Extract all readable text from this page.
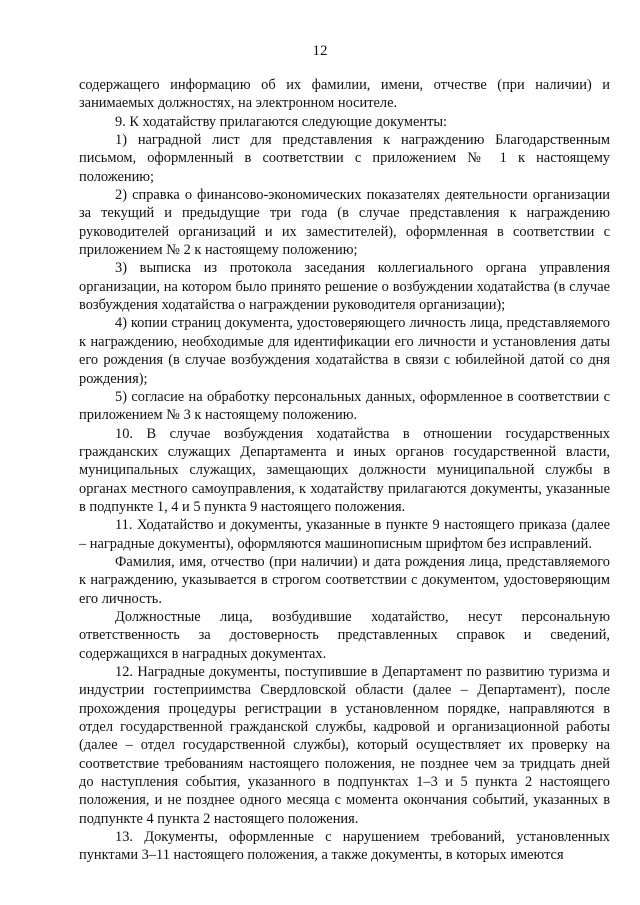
12

содержащего информацию об их фамилии, имени, отчестве (при наличии) и занимаемых должностях, на электронном носителе.

9. К ходатайству прилагаются следующие документы:

1) наградной лист для представления к награждению Благодарственным письмом, оформленный в соответствии с приложением № 1 к настоящему положению;

2) справка о финансово-экономических показателях деятельности организации за текущий и предыдущие три года (в случае представления к награждению руководителей организаций и их заместителей), оформленная в соответствии с приложением № 2 к настоящему положению;

3) выписка из протокола заседания коллегиального органа управления организации, на котором было принято решение о возбуждении ходатайства (в случае возбуждения ходатайства о награждении руководителя организации);

4) копии страниц документа, удостоверяющего личность лица, представляемого к награждению, необходимые для идентификации его личности и установления даты его рождения (в случае возбуждения ходатайства в связи с юбилейной датой со дня рождения);

5) согласие на обработку персональных данных, оформленное в соответствии с приложением № 3 к настоящему положению.

10. В случае возбуждения ходатайства в отношении государственных гражданских служащих Департамента и иных органов государственной власти, муниципальных служащих, замещающих должности муниципальной службы в органах местного самоуправления, к ходатайству прилагаются документы, указанные в подпункте 1, 4 и 5 пункта 9 настоящего положения.

11. Ходатайство и документы, указанные в пункте 9 настоящего приказа (далее – наградные документы), оформляются машинописным шрифтом без исправлений.

Фамилия, имя, отчество (при наличии) и дата рождения лица, представляемого к награждению, указывается в строгом соответствии с документом, удостоверяющим его личность.

Должностные лица, возбудившие ходатайство, несут персональную ответственность за достоверность представленных справок и сведений, содержащихся в наградных документах.

12. Наградные документы, поступившие в Департамент по развитию туризма и индустрии гостеприимства Свердловской области (далее – Департамент), после прохождения процедуры регистрации в установленном порядке, направляются в отдел государственной гражданской службы, кадровой и организационной работы (далее – отдел государственной службы), который осуществляет их проверку на соответствие требованиям настоящего положения, не позднее чем за тридцать дней до наступления события, указанного в подпунктах 1–3 и 5 пункта 2 настоящего положения, и не позднее одного месяца с момента окончания событий, указанных в подпункте 4 пункта 2 настоящего положения.

13. Документы, оформленные с нарушением требований, установленных пунктами 3–11 настоящего положения, а также документы, в которых имеются
